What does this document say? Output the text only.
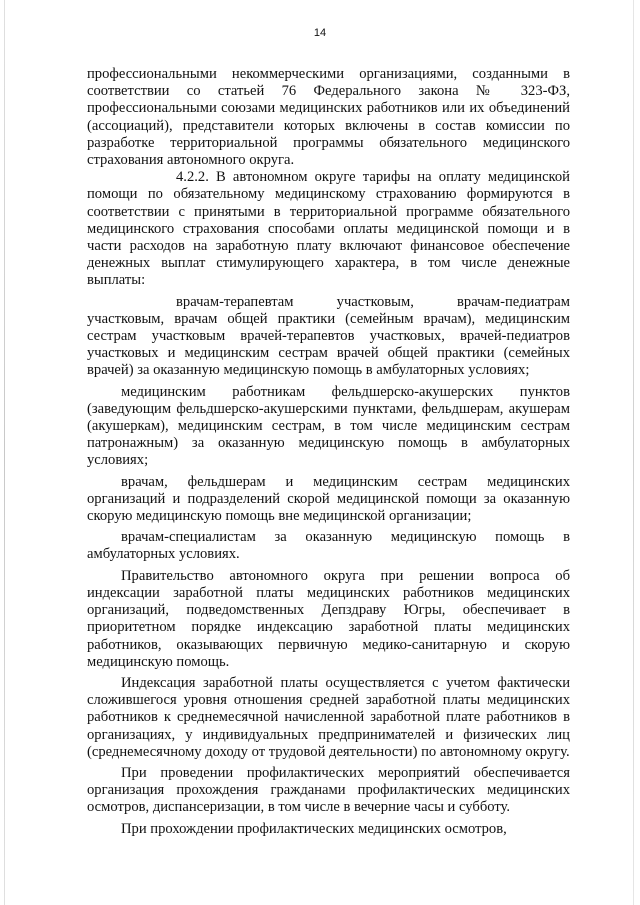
14

профессиональными некоммерческими организациями, созданными в соответствии со статьей 76 Федерального закона № 323-ФЗ, профессиональными союзами медицинских работников или их объединений (ассоциаций), представители которых включены в состав комиссии по разработке территориальной программы обязательного медицинского страхования автономного округа.

4.2.2. В автономном округе тарифы на оплату медицинской помощи по обязательному медицинскому страхованию формируются в соответствии с принятыми в территориальной программе обязательного медицинского страхования способами оплаты медицинской помощи и в части расходов на заработную плату включают финансовое обеспечение денежных выплат стимулирующего характера, в том числе денежные выплаты:

врачам-терапевтам участковым, врачам-педиатрам участковым, врачам общей практики (семейным врачам), медицинским сестрам участковым врачей-терапевтов участковых, врачей-педиатров участковых и медицинским сестрам врачей общей практики (семейных врачей) за оказанную медицинскую помощь в амбулаторных условиях;

медицинским работникам фельдшерско-акушерских пунктов (заведующим фельдшерско-акушерскими пунктами, фельдшерам, акушерам (акушеркам), медицинским сестрам, в том числе медицинским сестрам патронажным) за оказанную медицинскую помощь в амбулаторных условиях;

врачам, фельдшерам и медицинским сестрам медицинских организаций и подразделений скорой медицинской помощи за оказанную скорую медицинскую помощь вне медицинской организации;

врачам-специалистам за оказанную медицинскую помощь в амбулаторных условиях.

Правительство автономного округа при решении вопроса об индексации заработной платы медицинских работников медицинских организаций, подведомственных Депздраву Югры, обеспечивает в приоритетном порядке индексацию заработной платы медицинских работников, оказывающих первичную медико-санитарную и скорую медицинскую помощь.

Индексация заработной платы осуществляется с учетом фактически сложившегося уровня отношения средней заработной платы медицинских работников к среднемесячной начисленной заработной плате работников в организациях, у индивидуальных предпринимателей и физических лиц (среднемесячному доходу от трудовой деятельности) по автономному округу.

При проведении профилактических мероприятий обеспечивается организация прохождения гражданами профилактических медицинских осмотров, диспансеризации, в том числе в вечерние часы и субботу.

При прохождении профилактических медицинских осмотров,
